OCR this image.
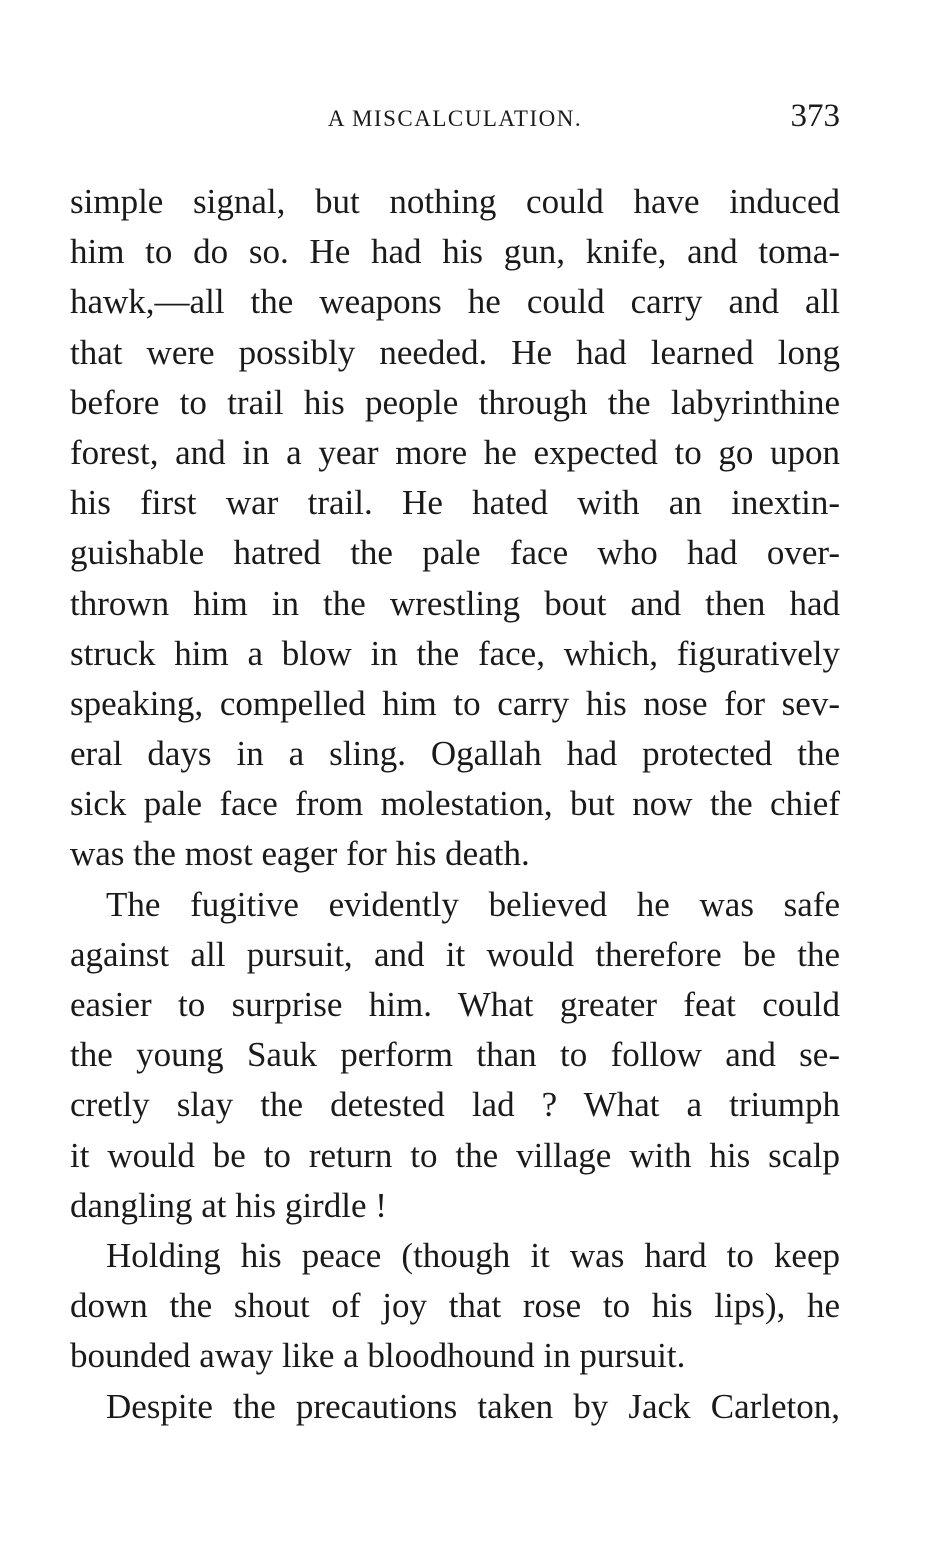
A MISCALCULATION.	373
simple signal, but nothing could have induced
him to do so. He had his gun, knife, and toma-
hawk,—all the weapons he could carry and all
that were possibly needed. He had learned long
before to trail his people through the labyrinthine
forest, and in a year more he expected to go upon
his first war trail. He hated with an inextin-
guishable hatred the pale face who had over-
thrown him in the wrestling bout and then had
struck him a blow in the face, which, figuratively
speaking, compelled him to carry his nose for sev-
eral days in a sling. Ogallah had protected the
sick pale face from molestation, but now the chief
was the most eager for his death.
The fugitive evidently believed he was safe
against all pursuit, and it would therefore be the
easier to surprise him. What greater feat could
the young Sauk perform than to follow and se-
cretly slay the detested lad ? What a triumph
it would be to return to the village with his scalp
dangling at his girdle !
Holding his peace (though it was hard to keep
down the shout of joy that rose to his lips), he
bounded away like a bloodhound in pursuit.
Despite the precautions taken by Jack Carleton,
